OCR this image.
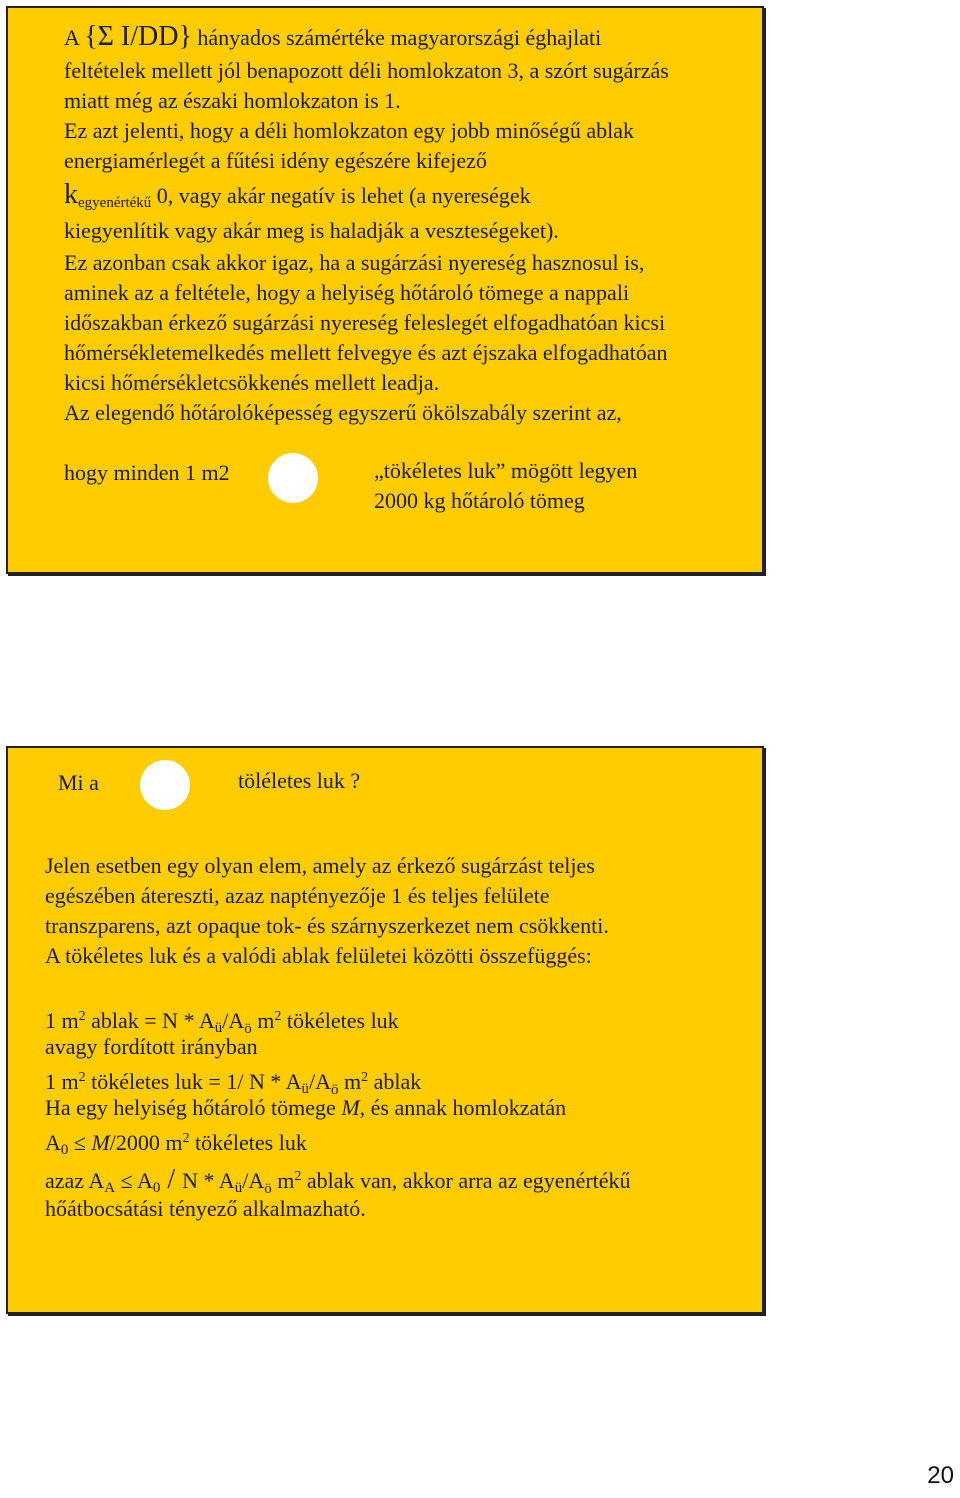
A {Σ I/DD} hányados számértéke magyarországi éghajlati
feltételek mellett jól benapozott déli homlokzaton 3, a szórt sugárzás
miatt még az északi homlokzaton is 1.
Ez azt jelenti, hogy a déli homlokzaton egy jobb minőségű ablak
energiamérlegét a fűtési idény egészére kifejező
$k_{egyenértékű}$ 0, vagy akár negatív is lehet (a nyereségek
kiegyenlítik vagy akár meg is haladják a veszteségeket).
Ez azonban csak akkor igaz, ha a sugárzási nyereség hasznosul is,
aminek az a feltétele, hogy a helyiség hőtároló tömege a nappali
időszakban érkező sugárzási nyereség feleslegét elfogadhatóan kicsi
hőmérsékletemelkedés mellett felvegye és azt éjszaka elfogadhatóan
kicsi hőmérsékletcsökkenés mellett leadja.
Az elegendő hőtárolóképesség egyszerű ökölszabály szerint az,
hogy minden 1 m2	„tökéletes luk” mögött legyen
2000 kg hőtároló tömeg
Mi a	töléletes luk ?
Jelen esetben egy olyan elem, amely az érkező sugárzást teljes
egészében átereszti, azaz naptényezője 1 és teljes felülete
transzparens, azt opaque tok- és szárnyszerkezet nem csökkenti.
A tökéletes luk és a valódi ablak felületei közötti összefüggés:
1 $m^2$ ablak = N * $A_ü/A_ö$ $m^2$ tökéletes luk
avagy fordított irányban
1 $m^2$ tökéletes luk = 1/ N * $A_ü/A_ö$ $m^2$ ablak
Ha egy helyiség hőtároló tömege M, és annak homlokzatán
$A_0 \le M/2000$ $m^2$ tökéletes luk
azaz $A_A \le A_0 / N * A_ü/A_ö$ $m^2$ ablak van, akkor arra az egyenértékű
hőátbocsátási tényező alkalmazható.
20
